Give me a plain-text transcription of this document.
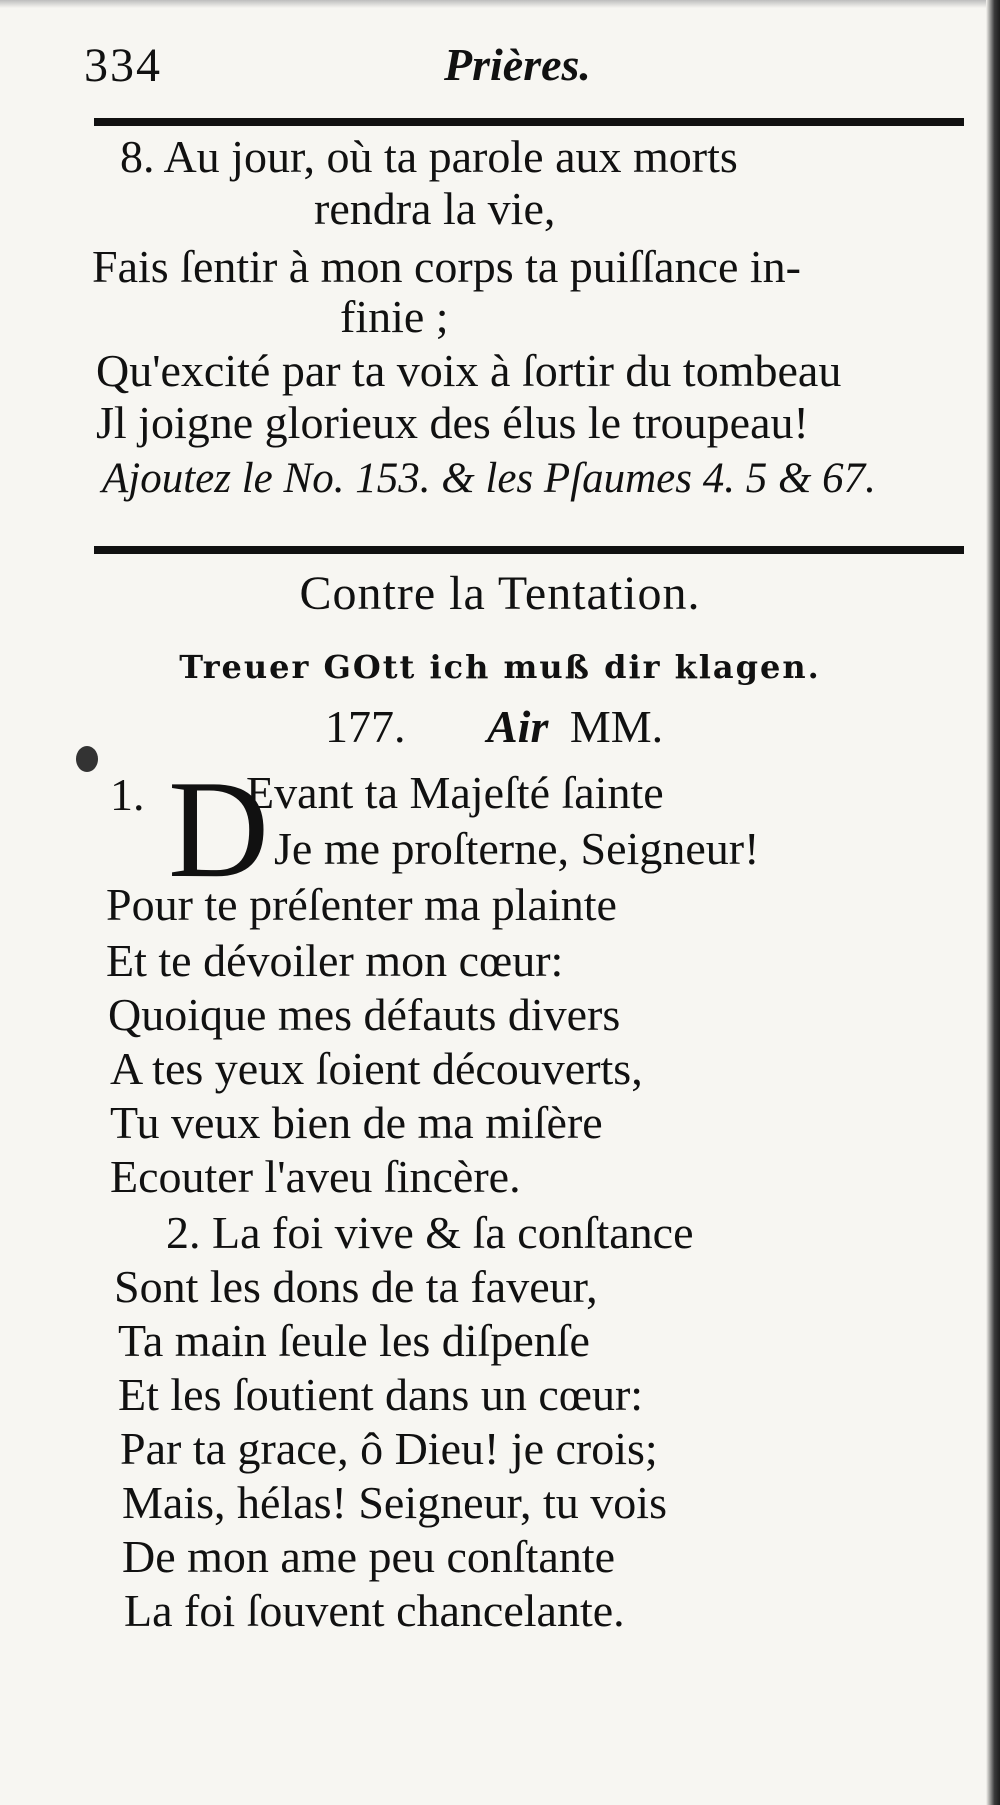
334	Prières.
8. Au jour, où ta parole aux morts
rendra la vie,
Fais ſentir à mon corps ta puiſſance in-
finie ;
Qu'excité par ta voix à ſortir du tombeau
Jl joigne glorieux des élus le troupeau!
Ajoutez le No. 153. & les Pſaumes 4. 5 & 67.
Contre la Tentation.
Treuer GOtt ich muß dir klagen.
177. Air MM.
1. D
Evant ta Majeſté ſainte
Je me proſterne, Seigneur!
Pour te préſenter ma plainte
Et te dévoiler mon cœur:
Quoique mes défauts divers
A tes yeux ſoient découverts,
Tu veux bien de ma miſère
Ecouter l'aveu ſincère.
2. La foi vive & ſa conſtance
Sont les dons de ta faveur,
Ta main ſeule les diſpenſe
Et les ſoutient dans un cœur:
Par ta grace, ô Dieu! je crois;
Mais, hélas! Seigneur, tu vois
De mon ame peu conſtante
La foi ſouvent chancelante.
